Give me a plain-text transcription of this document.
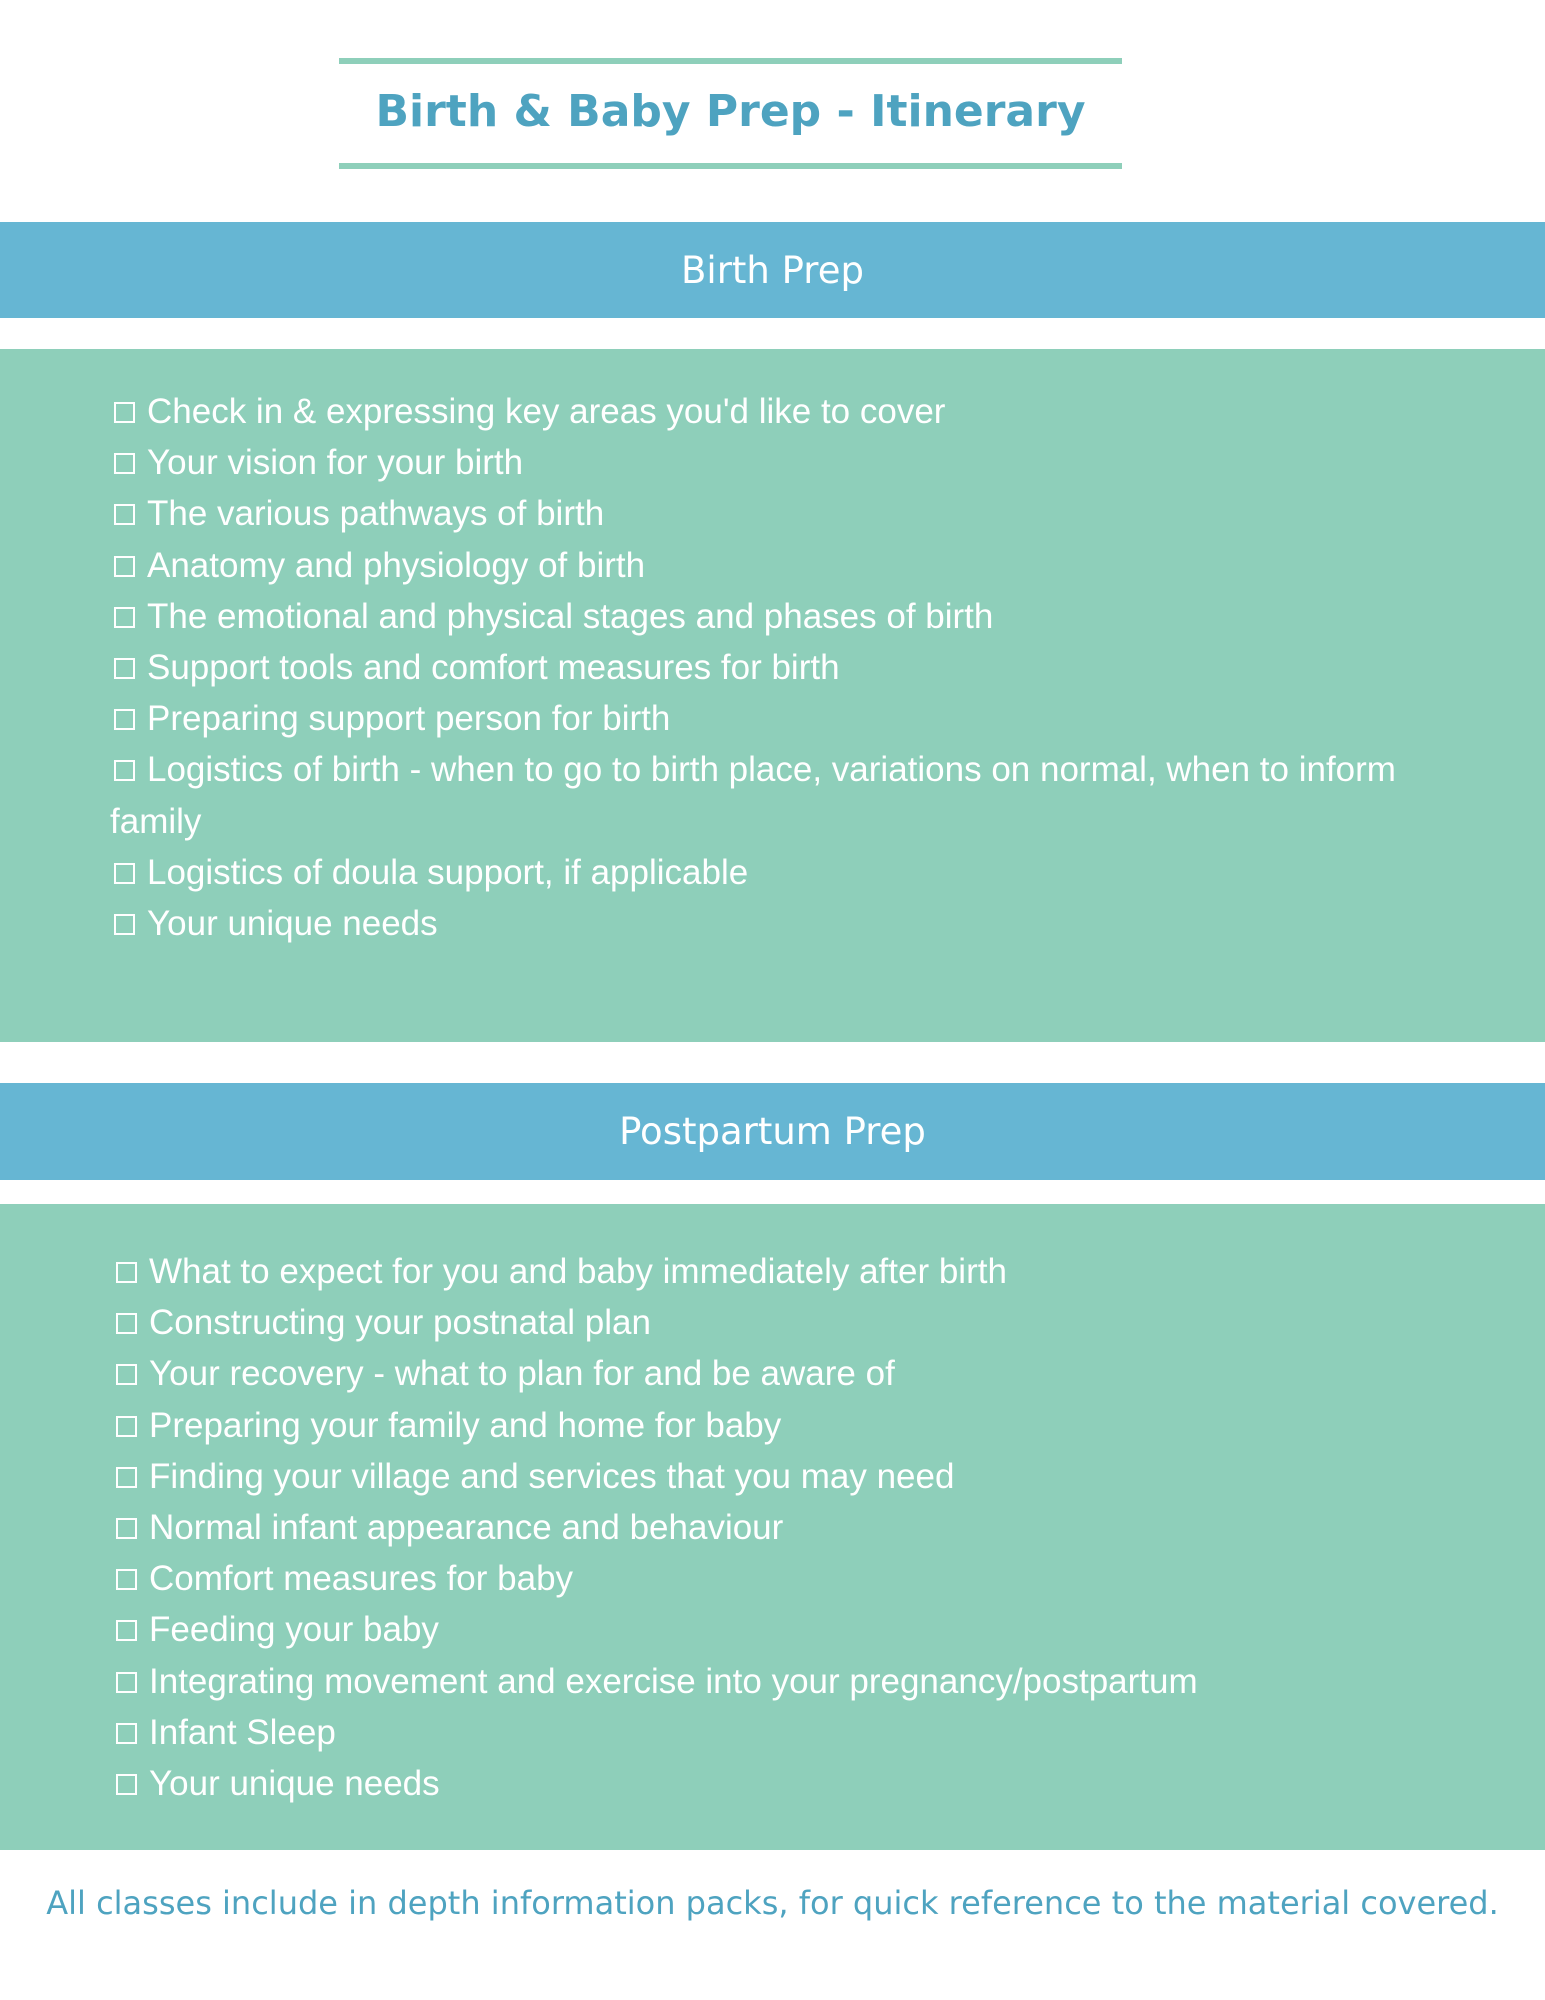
Birth & Baby Prep - Itinerary
Birth Prep
Check in & expressing key areas you'd like to cover
Your vision for your birth
The various pathways of birth
Anatomy and physiology of birth
The emotional and physical stages and phases of birth
Support tools and comfort measures for birth
Preparing support person for birth
Logistics of birth - when to go to birth place, variations on normal, when to inform family
Logistics of doula support, if applicable
Your unique needs
Postpartum Prep
What to expect for you and baby immediately after birth
Constructing your postnatal plan
Your recovery - what to plan for and be aware of
Preparing your family and home for baby
Finding your village and services that you may need
Normal infant appearance and behaviour
Comfort measures for baby
Feeding your baby
Integrating movement and exercise into your pregnancy/postpartum
Infant Sleep
Your unique needs

All classes include in depth information packs, for quick reference to the material covered.
